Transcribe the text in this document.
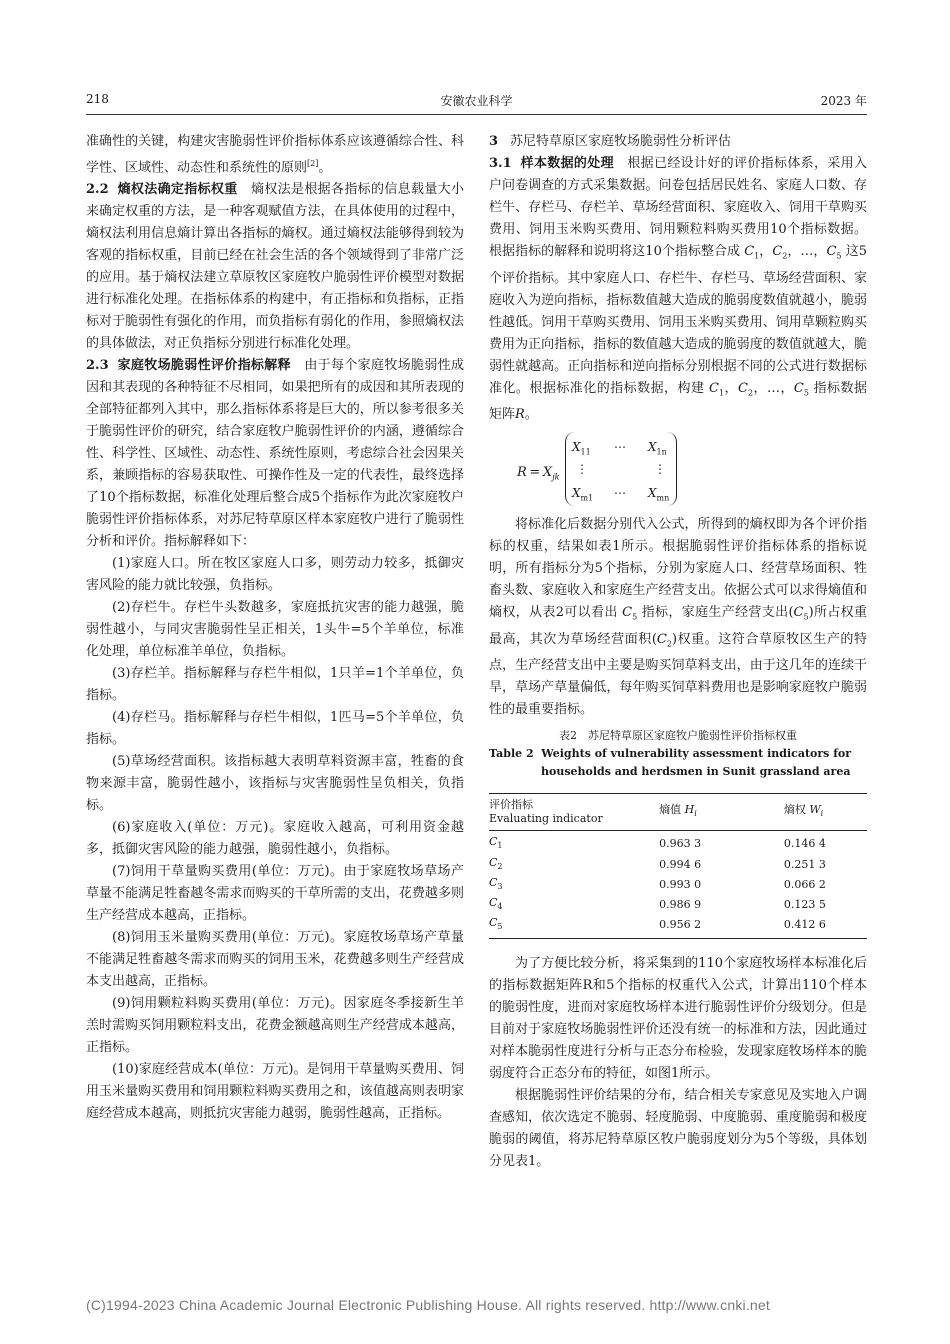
218	安徽农业科学	2023 年

准确性的关键，构建灾害脆弱性评价指标体系应该遵循综合性、科学性、区域性、动态性和系统性的原则[2]。

2.2 熵权法确定指标权重 熵权法是根据各指标的信息载量大小来确定权重的方法，是一种客观赋值方法，在具体使用的过程中，熵权法利用信息熵计算出各指标的熵权。通过熵权法能够得到较为客观的指标权重，目前已经在社会生活的各个领域得到了非常广泛的应用。基于熵权法建立草原牧区家庭牧户脆弱性评价模型对数据进行标准化处理。在指标体系的构建中，有正指标和负指标，正指标对于脆弱性有强化的作用，而负指标有弱化的作用，参照熵权法的具体做法，对正负指标分别进行标准化处理。

2.3 家庭牧场脆弱性评价指标解释 由于每个家庭牧场脆弱性成因和其表现的各种特征不尽相同，如果把所有的成因和其所表现的全部特征都列入其中，那么指标体系将是巨大的，所以参考很多关于脆弱性评价的研究，结合家庭牧户脆弱性评价的内涵，遵循综合性、科学性、区域性、动态性、系统性原则，考虑综合社会因果关系，兼顾指标的容易获取性、可操作性及一定的代表性，最终选择了10个指标数据，标准化处理后整合成5个指标作为此次家庭牧户脆弱性评价指标体系，对苏尼特草原区样本家庭牧户进行了脆弱性分析和评价。指标解释如下：

(1)家庭人口。所在牧区家庭人口多，则劳动力较多，抵御灾害风险的能力就比较强，负指标。

(2)存栏牛。存栏牛头数越多，家庭抵抗灾害的能力越强，脆弱性越小，与同灾害脆弱性呈正相关，1头牛=5个羊单位，标准化处理，单位标准羊单位，负指标。

(3)存栏羊。指标解释与存栏牛相似，1只羊=1个羊单位，负指标。

(4)存栏马。指标解释与存栏牛相似，1匹马=5个羊单位，负指标。

(5)草场经营面积。该指标越大表明草料资源丰富，牲畜的食物来源丰富，脆弱性越小，该指标与灾害脆弱性呈负相关，负指标。

(6)家庭收入(单位：万元)。家庭收入越高，可利用资金越多，抵御灾害风险的能力越强，脆弱性越小，负指标。

(7)饲用干草量购买费用(单位：万元)。由于家庭牧场草场产草量不能满足牲畜越冬需求而购买的干草所需的支出，花费越多则生产经营成本越高，正指标。

(8)饲用玉米量购买费用(单位：万元)。家庭牧场草场产草量不能满足牲畜越冬需求而购买的饲用玉米，花费越多则生产经营成本支出越高，正指标。

(9)饲用颗粒料购买费用(单位：万元)。因家庭冬季接新生羊羔时需购买饲用颗粒料支出，花费金额越高则生产经营成本越高，正指标。

(10)家庭经营成本(单位：万元)。是饲用干草量购买费用、饲用玉米量购买费用和饲用颗粒料购买费用之和，该值越高则表明家庭经营成本越高，则抵抗灾害能力越弱，脆弱性越高，正指标。

3 苏尼特草原区家庭牧场脆弱性分析评估

3.1 样本数据的处理 根据已经设计好的评价指标体系，采用入户问卷调查的方式采集数据。问卷包括居民姓名、家庭人口数、存栏牛、存栏马、存栏羊、草场经营面积、家庭收入、饲用干草购买费用、饲用玉米购买费用、饲用颗粒料购买费用10个指标数据。根据指标的解释和说明将这10个指标整合成 $C_1$，$C_2$，…，$C_5$ 这5个评价指标。其中家庭人口、存栏牛、存栏马、草场经营面积、家庭收入为逆向指标，指标数值越大造成的脆弱度数值就越小，脆弱性越低。饲用干草购买费用、饲用玉米购买费用、饲用草颗粒购买费用为正向指标，指标的数值越大造成的脆弱度的数值就越大，脆弱性就越高。正向指标和逆向指标分别根据不同的公式进行数据标准化。根据标准化的指标数据，构建 $C_1$，$C_2$，…，$C_5$ 指标数据矩阵R。

$R = X_{jk}$
$X_{11}$ ⋯ $X_{1n}$
⋮	⋮
$X_{m1}$ ⋯ $X_{mn}$

将标准化后数据分别代入公式，所得到的熵权即为各个评价指标的权重，结果如表1所示。根据脆弱性评价指标体系的指标说明，所有指标分为5个指标，分别为家庭人口、经营草场面积、牲畜头数、家庭收入和家庭生产经营支出。依据公式可以求得熵值和熵权，从表2可以看出 $C_5$ 指标，家庭生产经营支出$(C_5)$所占权重最高，其次为草场经营面积$(C_2)$权重。这符合草原牧区生产的特点，生产经营支出中主要是购买饲草料支出，由于这几年的连续干旱，草场产草量偏低，每年购买饲草料费用也是影响家庭牧户脆弱性的最重要指标。

表2　苏尼特草原区家庭牧户脆弱性评价指标权重
Table 2 Weights of vulnerability assessment indicators for households and herdsmen in Sunit grassland area
评价指标
Evaluating indicator	熵值 $H_i$	熵权 $W_i$
$C_1$	0.963 3	0.146 4
$C_2$	0.994 6	0.251 3
$C_3$	0.993 0	0.066 2
$C_4$	0.986 9	0.123 5
$C_5$	0.956 2	0.412 6

为了方便比较分析，将采集到的110个家庭牧场样本标准化后的指标数据矩阵R和5个指标的权重代入公式，计算出110个样本的脆弱性度，进而对家庭牧场样本进行脆弱性评价分级划分。但是目前对于家庭牧场脆弱性评价还没有统一的标准和方法，因此通过对样本脆弱性度进行分析与正态分布检验，发现家庭牧场样本的脆弱度符合正态分布的特征，如图1所示。

根据脆弱性评价结果的分布，结合相关专家意见及实地入户调查感知，依次选定不脆弱、轻度脆弱、中度脆弱、重度脆弱和极度脆弱的阈值，将苏尼特草原区牧户脆弱度划分为5个等级，具体划分见表1。

(C)1994-2023 China Academic Journal Electronic Publishing House. All rights reserved. http://www.cnki.net
